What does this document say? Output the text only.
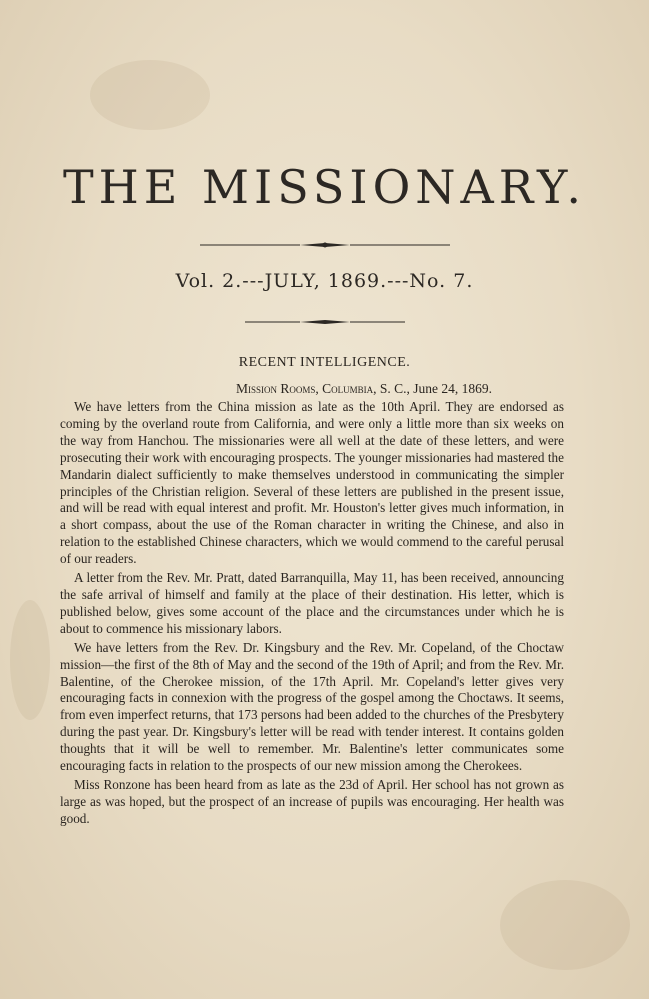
THE MISSIONARY.
Vol. 2.---JULY, 1869.---No. 7.
RECENT INTELLIGENCE.
Mission Rooms, Columbia, S. C., June 24, 1869.

We have letters from the China mission as late as the 10th April. They are endorsed as coming by the overland route from California, and were only a little more than six weeks on the way from Hanchou. The missionaries were all well at the date of these letters, and were prosecuting their work with encouraging prospects. The younger missionaries had mastered the Mandarin dialect sufficiently to make themselves understood in communicating the simpler principles of the Christian religion. Several of these letters are published in the present issue, and will be read with equal interest and profit. Mr. Houston's letter gives much information, in a short compass, about the use of the Roman character in writing the Chinese, and also in relation to the established Chinese characters, which we would commend to the careful perusal of our readers.

A letter from the Rev. Mr. Pratt, dated Barranquilla, May 11, has been received, announcing the safe arrival of himself and family at the place of their destination. His letter, which is published below, gives some account of the place and the circumstances under which he is about to commence his missionary labors.

We have letters from the Rev. Dr. Kingsbury and the Rev. Mr. Copeland, of the Choctaw mission—the first of the 8th of May and the second of the 19th of April; and from the Rev. Mr. Balentine, of the Cherokee mission, of the 17th April. Mr. Copeland's letter gives very encouraging facts in connexion with the progress of the gospel among the Choctaws. It seems, from even imperfect returns, that 173 persons had been added to the churches of the Presbytery during the past year. Dr. Kingsbury's letter will be read with tender interest. It contains golden thoughts that it will be well to remember. Mr. Balentine's letter communicates some encouraging facts in relation to the prospects of our new mission among the Cherokees.

Miss Ronzone has been heard from as late as the 23d of April. Her school has not grown as large as was hoped, but the prospect of an increase of pupils was encouraging. Her health was good.
